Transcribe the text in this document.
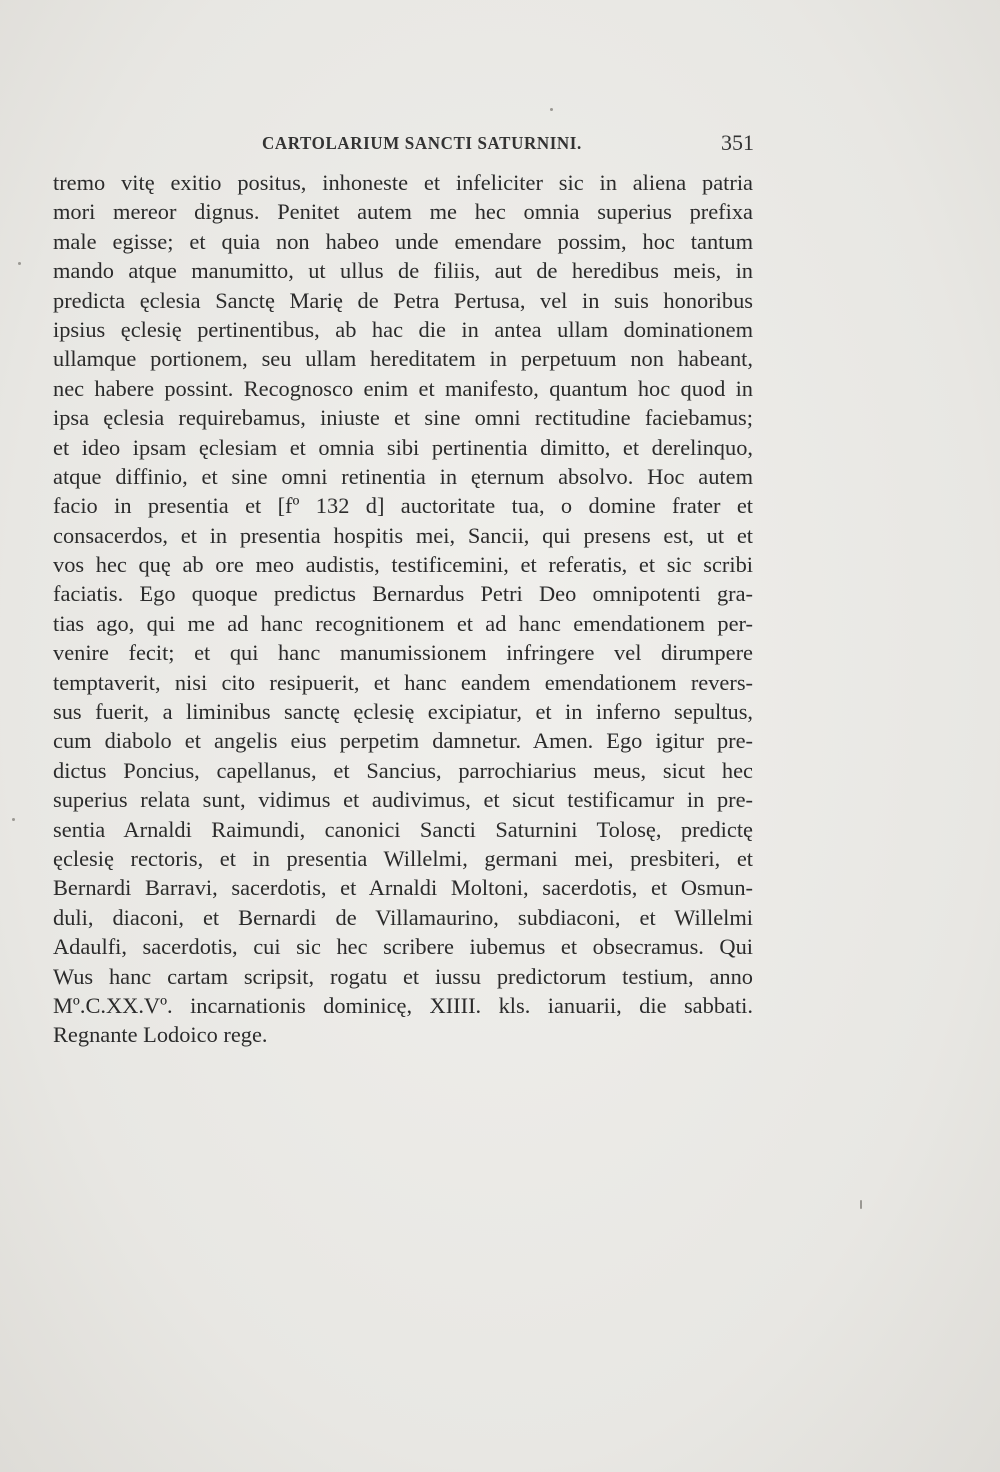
CARTOLARIUM SANCTI SATURNINI.	351
tremo vitę exitio positus, inhoneste et infeliciter sic in aliena patria
mori mereor dignus. Penitet autem me hec omnia superius prefixa
male egisse; et quia non habeo unde emendare possim, hoc tantum
mando atque manumitto, ut ullus de filiis, aut de heredibus meis, in
predicta ęclesia Sanctę Marię de Petra Pertusa, vel in suis honoribus
ipsius ęclesię pertinentibus, ab hac die in antea ullam dominationem
ullamque portionem, seu ullam hereditatem in perpetuum non habeant,
nec habere possint. Recognosco enim et manifesto, quantum hoc quod in
ipsa ęclesia requirebamus, iniuste et sine omni rectitudine faciebamus;
et ideo ipsam ęclesiam et omnia sibi pertinentia dimitto, et derelinquo,
atque diffinio, et sine omni retinentia in ęternum absolvo. Hoc autem
facio in presentia et [fº 132 d] auctoritate tua, o domine frater et
consacerdos, et in presentia hospitis mei, Sancii, qui presens est, ut et
vos hec quę ab ore meo audistis, testificemini, et referatis, et sic scribi
faciatis. Ego quoque predictus Bernardus Petri Deo omnipotenti gra-
tias ago, qui me ad hanc recognitionem et ad hanc emendationem per-
venire fecit; et qui hanc manumissionem infringere vel dirumpere
temptaverit, nisi cito resipuerit, et hanc eandem emendationem revers-
sus fuerit, a liminibus sanctę ęclesię excipiatur, et in inferno sepultus,
cum diabolo et angelis eius perpetim damnetur. Amen. Ego igitur pre-
dictus Poncius, capellanus, et Sancius, parrochiarius meus, sicut hec
superius relata sunt, vidimus et audivimus, et sicut testificamur in pre-
sentia Arnaldi Raimundi, canonici Sancti Saturnini Tolosę, predictę
ęclesię rectoris, et in presentia Willelmi, germani mei, presbiteri, et
Bernardi Barravi, sacerdotis, et Arnaldi Moltoni, sacerdotis, et Osmun-
duli, diaconi, et Bernardi de Villamaurino, subdiaconi, et Willelmi
Adaulfi, sacerdotis, cui sic hec scribere iubemus et obsecramus. Qui
Wus hanc cartam scripsit, rogatu et iussu predictorum testium, anno
Mº.C.XX.Vº. incarnationis dominicę, XIIII. kls. ianuarii, die sabbati.
Regnante Lodoico rege.
